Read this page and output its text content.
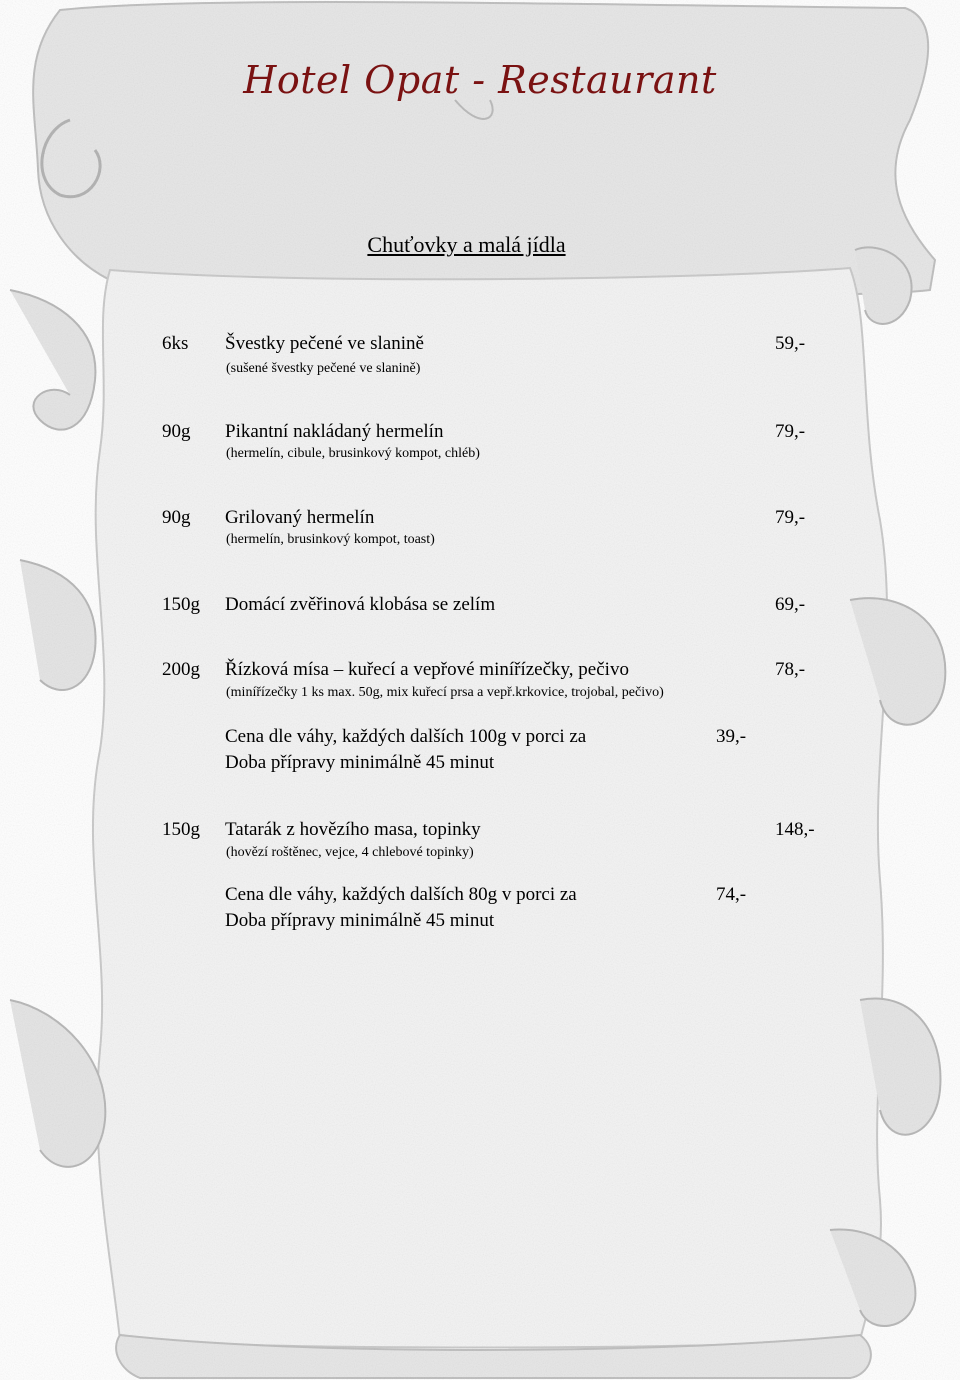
Hotel Opat - Restaurant
Chuťovky a malá jídla
6ks Švestky pečené ve slanině	59,-
(sušené švestky pečené ve slanině)
90g Pikantní nakládaný hermelín	79,-
(hermelín, cibule, brusinkový kompot, chléb)
90g Grilovaný hermelín	79,-
(hermelín, brusinkový kompot, toast)
150g Domácí zvěřinová klobása se zelím	69,-
200g Řízková mísa – kuřecí a vepřové minířízečky, pečivo	78,-
(minířízečky 1 ks max. 50g, mix kuřecí prsa a vepř.krkovice, trojobal, pečivo)
Cena dle váhy, každých dalších 100g v porci za	39,-
Doba přípravy minimálně 45 minut
150g Tatarák z hovězího masa, topinky	148,-
(hovězí roštěnec, vejce, 4 chlebové topinky)
Cena dle váhy, každých dalších 80g v porci za	74,-
Doba přípravy minimálně 45 minut
